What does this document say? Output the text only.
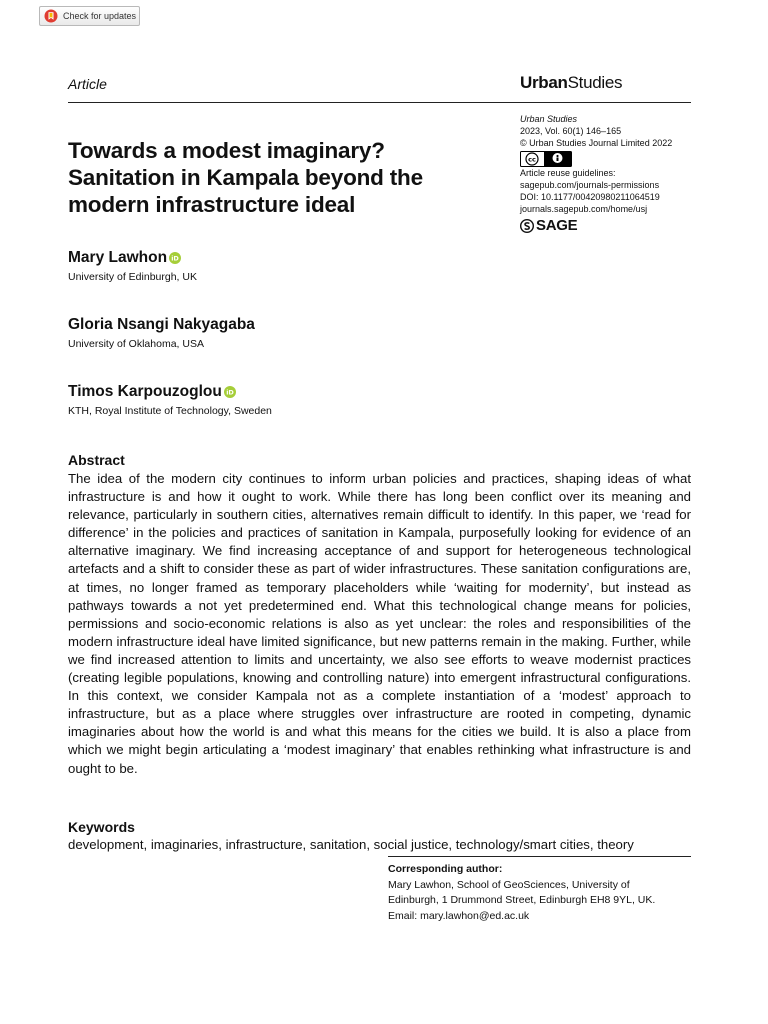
Check for updates
Article	UrbanStudies
Urban Studies
2023, Vol. 60(1) 146–165
© Urban Studies Journal Limited 2022
cc
Article reuse guidelines:
sagepub.com/journals-permissions
DOI: 10.1177/00420980211064519
journals.sagepub.com/home/usj
SAGE
Towards a modest imaginary?
Sanitation in Kampala beyond the
modern infrastructure ideal
Mary Lawhon iD
University of Edinburgh, UK
Gloria Nsangi Nakyagaba
University of Oklahoma, USA
Timos Karpouzoglou iD
KTH, Royal Institute of Technology, Sweden
Abstract
The idea of the modern city continues to inform urban policies and practices, shaping ideas of what infrastructure is and how it ought to work. While there has long been conflict over its meaning and relevance, particularly in southern cities, alternatives remain difficult to identify. In this paper, we ‘read for difference’ in the policies and practices of sanitation in Kampala, purposefully looking for evidence of an alternative imaginary. We find increasing acceptance of and support for heterogeneous technological artefacts and a shift to consider these as part of wider infrastructures. These sanitation configurations are, at times, no longer framed as temporary placeholders while ‘waiting for modernity’, but instead as pathways towards a not yet predetermined end. What this technological change means for policies, permissions and socio-economic relations is also as yet unclear: the roles and responsibilities of the modern infrastructure ideal have limited significance, but new patterns remain in the making. Further, while we find increased attention to limits and uncertainty, we also see efforts to weave modernist practices (creating legible populations, knowing and controlling nature) into emergent infrastructural configurations. In this context, we consider Kampala not as a complete instantiation of a ‘modest’ approach to infrastructure, but as a place where struggles over infrastructure are rooted in competing, dynamic imaginaries about how the world is and what this means for the cities we build. It is also a place from which we might begin articulating a ‘modest imaginary’ that enables rethinking what infrastructure is and ought to be.
Keywords
development, imaginaries, infrastructure, sanitation, social justice, technology/smart cities, theory
Corresponding author:
Mary Lawhon, School of GeoSciences, University of
Edinburgh, 1 Drummond Street, Edinburgh EH8 9YL, UK.
Email: mary.lawhon@ed.ac.uk
